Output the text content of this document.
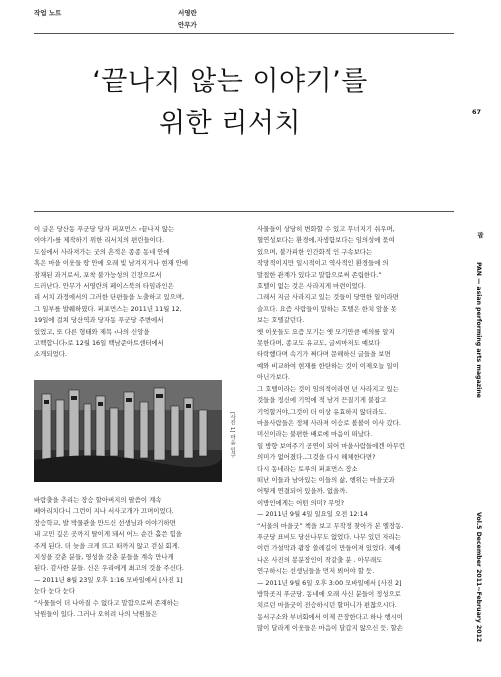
작업 노트	서영란
안무가
‘끝나지 않는 이야기’를
위한 리서치	67

이 글은 당산동 푸군당 당자 퍼포먼스 ‹끝나지 않는

이야기›를 제작하기 위한 리서치의 편린들이다.

도심에서 사라져가는 굿의 흔적은 종종 동네 안에

혹은 마을 이웃들 땅 안에 오래 빛 남겨지거나 현재 안에

잠재된 과거로서, 포착 불가능성의 긴장으로서

드러난다. 안무가 서영란의 페이스북의 타임라인은

리 서치 과정에서의 그러한 단편들을 노출하고 있으며,

그 일부를 발췌하였다. 퍼포먼스는 2011년 11월 12,

19일에 걸쳐 당산역과 당자동 푸군당 주변에서

있었고, 또 다른 형태와 제목 ‹나의 신앙을

고백합니다›로 12월 16일 백남준아트센터에서

소개되었다.

[사진 1] 마을 입구

바람출을 추리는 장승 할아버지의 팔씀이 계속

베아리치다니 그런이 지나 서사고개가 끄며이었다.

장승학교, 발 박물관을 만드신 선생님과 이야기하면

내 고민 깊은 곳까지 탈이게 돼서 어느 순간 홀쓴 힘을

주게 된다. 더 늦을 크게 뜨고 떠까지 않고 걷실 회게.

지성을 갖춘 분들, 영성을 갖춘 분들을 계속 만나게

된다. 감사한 분들. 신은 우리에게 최고의 것을 주신다.

— 2011년 8월 23일 오후 1:16 모바일에서 [사진 1]

눈다 눈다 눈다

“사물들이 더 나아질 수 없다고 말합으로써 존재하는

낙원들이 있다. 그러나 오히려 나의 낙원들은

사물들이 상당히 변화할 수 있고 무너지기 쉬우며,

혈연성보다는 환경에,자생함보다는 임의성에 묶여

있으며, 불가피한 인간화적 인 구속보다는

작망적이지만 일시적이고 역사적인 환경들에 의

말접한 관계가 있다고 말함으로써 존립한다.”

호텔이 없는 것은 사라지게 마련이었다.

그래서 지금 사라지고 있는 것들이 당연한 일이라면

슬프다. 요즘 사람들이 말하는 호텔은 한치 앞을 못

보는 호텔같던다.

옛 이웃들도 요즘 모기는 옛 모기만큼 예의를 알지

못한다며, 종교도 유교도, 글씨마저도 예보다

타락했다며 속기가 쩌다며 문해하신 글들을 보면

예와 비교하여 현재를 한탄하는 것이 이제오늘 일이

아닌가보다.

그 호텔이라는 것이 임의적이라면 넌 사라지고 있는

것들을 정신에 기억에 적 남겨 끈질기게 붙잡고

기억할거야,그것이 더 이상 유효하지 않더라도.

마을사람들은 정체 사라져 이승로 볼볼이 이사 갔다.

미신이라는 불편한 배로에 마음이 떠났다.

일 방향 보여주기 공연이 되어 마을사람들에겐 아무런

의미가 없어졌다..그것을 다시 해체한다면?

다시 동네라는 토루의 퍼포먼스 장소

떠난 이들과 남아있는 이들의 삶, 행위는 마을굿과

어떻게 연결되어 있을까. 없을까.

이방인에게는 어떤 의미? 무엇?

— 2011년 9월 4일 일요일 오전 12:14

“서울의 마을굿” 책을 보고 무작정 찾아가 본 엘장동.

푸군당 표비도 당산나무도 없었다. 나무 있던 자리는

이런 가설막과 쾀장 쓸레길이 만들어져 있었다. 제에

나온 사진의 봉분장인이 작같출 분 . 아무래도

연구하시는 선생님들을 먼저 뵈어야 할 듯.

— 2011년 9월 6일 오후 3:00 모바일에서 [사진 2]

방학곳지 푸군당. 동네에 오래 사신 분들이 정성으로

치르던 마을굿이 전승하시던 할머니가 편찮으시다.

동서구소와 부녀회에서 이제 끈장한다고 하나 행시이

많이 달라게 이웃들은 마음이 달갑지 않으신 듯. 할손

팝
PAN — asian performing arts magazine
Vol.5 December 2011~February 2012
